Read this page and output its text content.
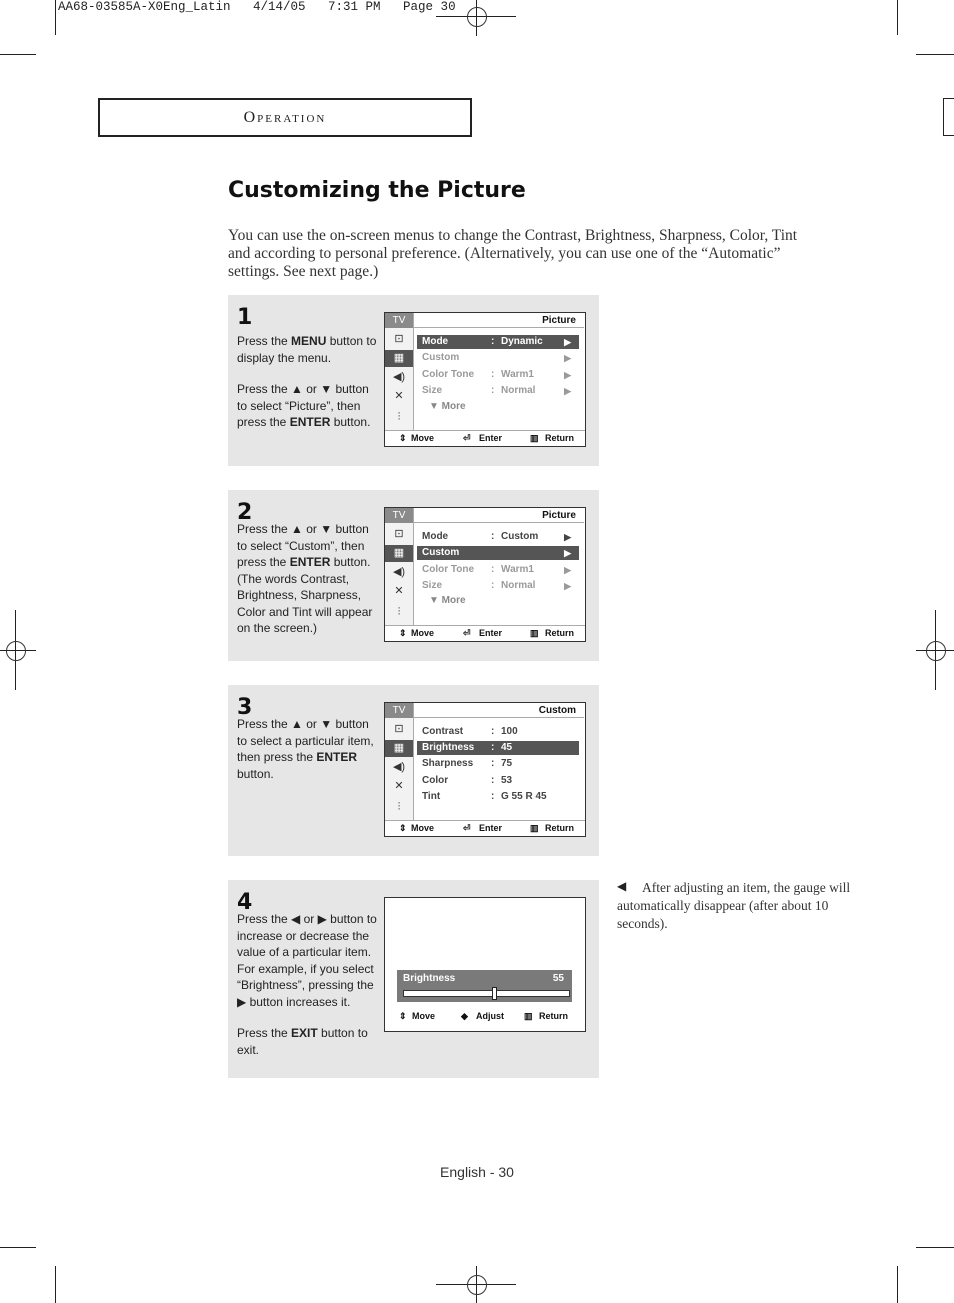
AA68-03585A-X0Eng_Latin   4/14/05   7:31 PM   Page 30
Operation
Customizing the Picture
You can use the on-screen menus to change the Contrast, Brightness, Sharpness, Color, Tint and according to personal preference. (Alternatively, you can use one of the “Automatic” settings. See next page.)
1

Press the MENU button to display the menu.

Press the ▲ or ▼ button to select “Picture”, then press the ENTER button.

TV
⊡
▦
◀)
✕
⫶
Picture
Mode	: Dynamic ▶
Custom	▶
Color Tone : Warm1	▶
Size	: Normal	▶
▼ More
⇕ Move	⏎ Enter	▥ Return
2

Press the ▲ or ▼ button to select “Custom”, then press the ENTER button. (The words Contrast, Brightness, Sharpness, Color and Tint will appear on the screen.)

TV
⊡
▦
◀)
✕
⫶
Picture
Mode	: Custom	▶
Custom	▶
Color Tone : Warm1	▶
Size	: Normal	▶
▼ More
⇕ Move	⏎ Enter	▥ Return
3

Press the ▲ or ▼ button to select a particular item, then press the ENTER button.

TV
⊡
▦
◀)
✕
⫶
Custom
Contrast	: 100
Brightness : 45
Sharpness : 75
Color	: 53
Tint	: G 55 R 45
⇕ Move	⏎ Enter	▥ Return
4

Press the ◀ or ▶ button to increase or decrease the value of a particular item. For example, if you select “Brightness”, pressing the ▶ button increases it.

Press the EXIT button to exit.

Brightness	55
⇕ Move	◆ Adjust ▥ Return
◀	After adjusting an item, the gauge will automatically disappear (after about 10 seconds).
English - 30
